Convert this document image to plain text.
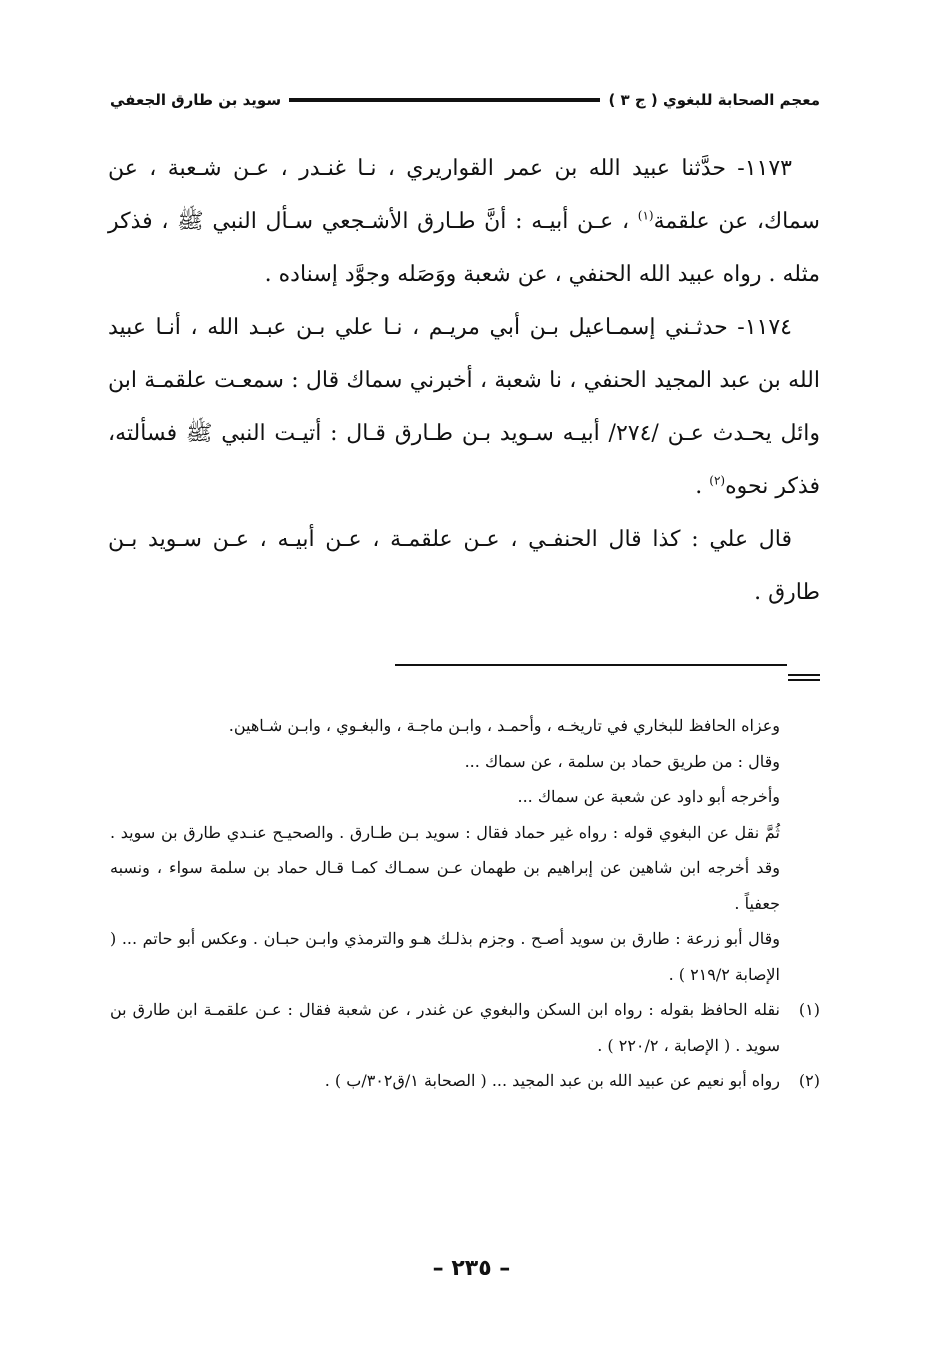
معجم الصحابة للبغوي ( ج ٣ )
سويد بن طارق الجعفي

١١٧٣- حدَّثنا عبيد الله بن عمر القواريري ، نـا غنـدر ، عـن شـعبة ، عن سماك، عن علقمة$^{(١)}$ ، عـن أبيـه : أنَّ طـارق الأشـجعي سـأل النبي ﷺ ، فذكر مثله . رواه عبيد الله الحنفي ، عن شعبة ووَصَله وجوَّد إسناده .

١١٧٤- حدثـني إسمـاعيل بـن أبي مريـم ، نـا علي بـن عبـد الله ، أنـا عبيد الله بن عبد المجيد الحنفي ، نا شعبة ، أخبرني سماك قال : سمعـت علقمـة ابن وائل يحـدث عـن /٢٧٤/ أبيـه سـويد بـن طـارق قـال : أتيـت النبي ﷺ فسألته، فذكر نحوه$^{(٢)}$ .

قال علي : كذا قال الحنفـي ، عـن علقمـة ، عـن أبيـه ، عـن سـويد بـن طارق .

وعزاه الحافظ للبخاري في تاريخـه ، وأحمـد ، وابـن ماجـة ، والبغـوي ، وابـن شـاهين.

وقال : من طريق حماد بن سلمة ، عن سماك ...

وأخرجه أبو داود عن شعبة عن سماك ...

ثُمَّ نقل عن البغوي قوله : رواه غير حماد فقال : سويد بـن طـارق . والصحيـح عنـدي طارق بن سويد . وقد أخرجه ابن شاهين عن إبراهيم بن طهمان عـن سمـاك كمـا قـال حماد بن سلمة سواء ، ونسبه جعفياً .

وقال أبو زرعة : طارق بن سويد أصـح . وجزم بذلـك هـو والترمذي وابـن حبـان . وعكس أبو حاتم ... ( الإصابة ٢١٩/٢ ) .

(١)
نقله الحافظ بقوله : رواه ابن السكن والبغوي عن غندر ، عن شعبة فقال : عـن علقمـة ابن طارق بن سويد . ( الإصابة ، ٢٢٠/٢ ) .
(٢)
رواه أبو نعيم عن عبيد الله بن عبد المجيد ... ( الصحابة ١/ق٣٠٢/ب ) .
– ٢٣٥ –
